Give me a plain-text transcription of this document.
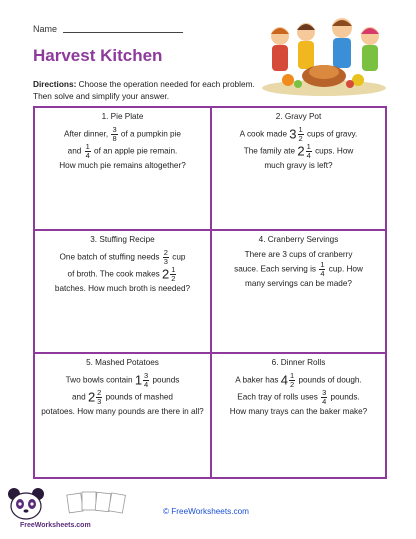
Name
Harvest Kitchen
Directions: Choose the operation needed for each problem. Then solve and simplify your answer.
1. Pie Plate

After dinner, $\frac{3}{8}$ of a pumpkin pie

and $\frac{1}{4}$ of an apple pie remain.

How much pie remains altogether?

2. Gravy Pot

A cook made $3 \frac{1}{2}$ cups of gravy.

The family ate $2 \frac{1}{4}$ cups. How

much gravy is left?

3. Stuffing Recipe

One batch of stuffing needs $\frac{2}{3}$ cup

of broth. The cook makes $2 \frac{1}{2}$

batches. How much broth is needed?

4. Cranberry Servings

There are 3 cups of cranberry

sauce. Each serving is $\frac{1}{4}$ cup. How

many servings can be made?

5. Mashed Potatoes

Two bowls contain $1 \frac{3}{4}$ pounds

and $2 \frac{2}{3}$ pounds of mashed

potatoes. How many pounds are there in all?

6. Dinner Rolls

A baker has $4 \frac{1}{2}$ pounds of dough.

Each tray of rolls uses $\frac{3}{4}$ pounds.

How many trays can the baker make?

FreeWorksheets.com
© FreeWorksheets.com
